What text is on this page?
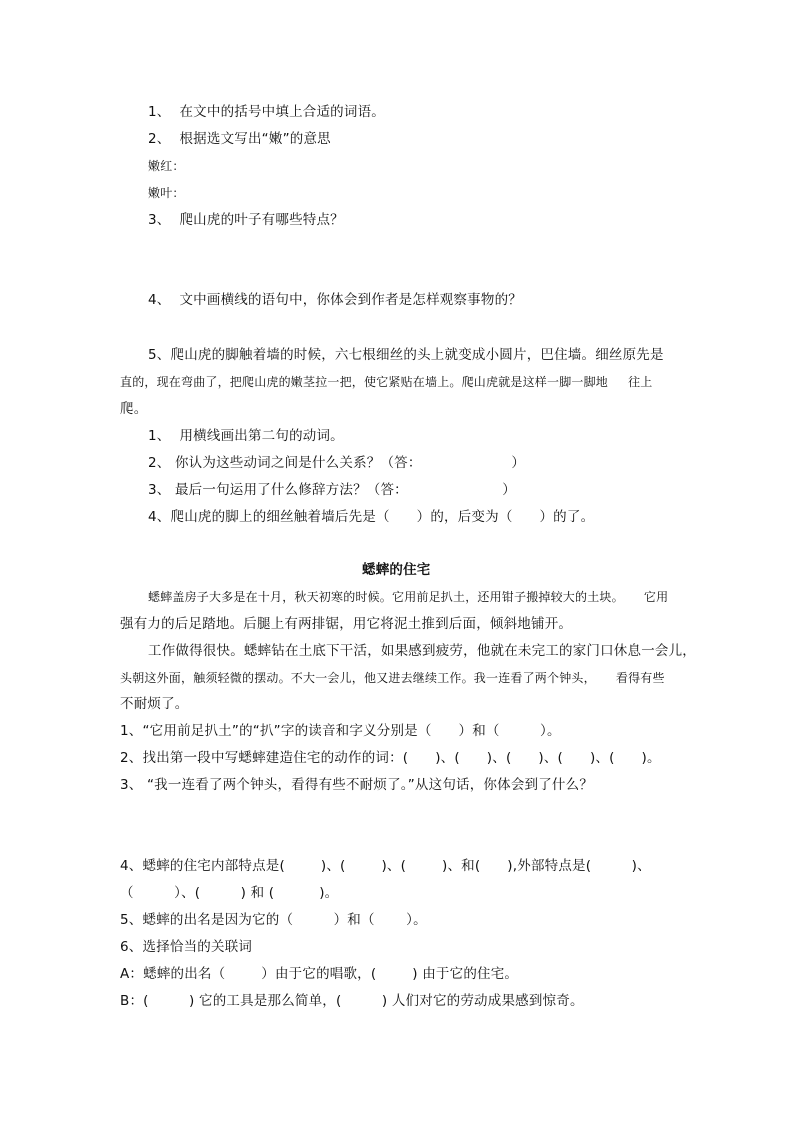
1、  在文中的括号中填上合适的词语。
2、  根据选文写出“嫩”的意思
嫩红：
嫩叶：
3、  爬山虎的叶子有哪些特点？
4、  文中画横线的语句中，你体会到作者是怎样观察事物的？
5、爬山虎的脚触着墙的时候，六七根细丝的头上就变成小圆片，巴住墙。细丝原先是
直的，现在弯曲了，把爬山虎的嫩茎拉一把，使它紧贴在墙上。爬山虎就是这样一脚一脚地     往上
爬。
1、  用横线画出第二句的动词。
2、 你认为这些动词之间是什么关系？（答：                    ）
3、 最后一句运用了什么修辞方法？（答：                     ）
4、爬山虎的脚上的细丝触着墙后先是（      ）的，后变为（      ）的了。
蟋蟀的住宅
蟋蟀盖房子大多是在十月，秋天初寒的时候。它用前足扒土，还用钳子搬掉较大的土块。     它用
强有力的后足踏地。后腿上有两排锯，用它将泥土推到后面，倾斜地铺开。
工作做得很快。蟋蟀钻在土底下干活，如果感到疲劳，他就在未完工的家门口休息一会儿，
头朝这外面，触须轻微的摆动。不大一会儿，他又进去继续工作。我一连看了两个钟头，     看得有些
不耐烦了。
1、“它用前足扒土”的“扒”字的读音和字义分别是（      ）和（         ）。
2、找出第一段中写蟋蟀建造住宅的动作的词：(      )、(      )、(      )、(      )、(      )。
3、 “我一连看了两个钟头，看得有些不耐烦了。”从这句话，你体会到了什么？
4、蟋蟀的住宅内部特点是(        )、(        )、(        )、和(      ),外部特点是(         )、
（         ）、(         ) 和 (          )。
5、蟋蟀的出名是因为它的（         ）和（       ）。
6、选择恰当的关联词
A：蟋蟀的出名（        ）由于它的唱歌，(        ) 由于它的住宅。
B：(         ) 它的工具是那么简单，(         ) 人们对它的劳动成果感到惊奇。
